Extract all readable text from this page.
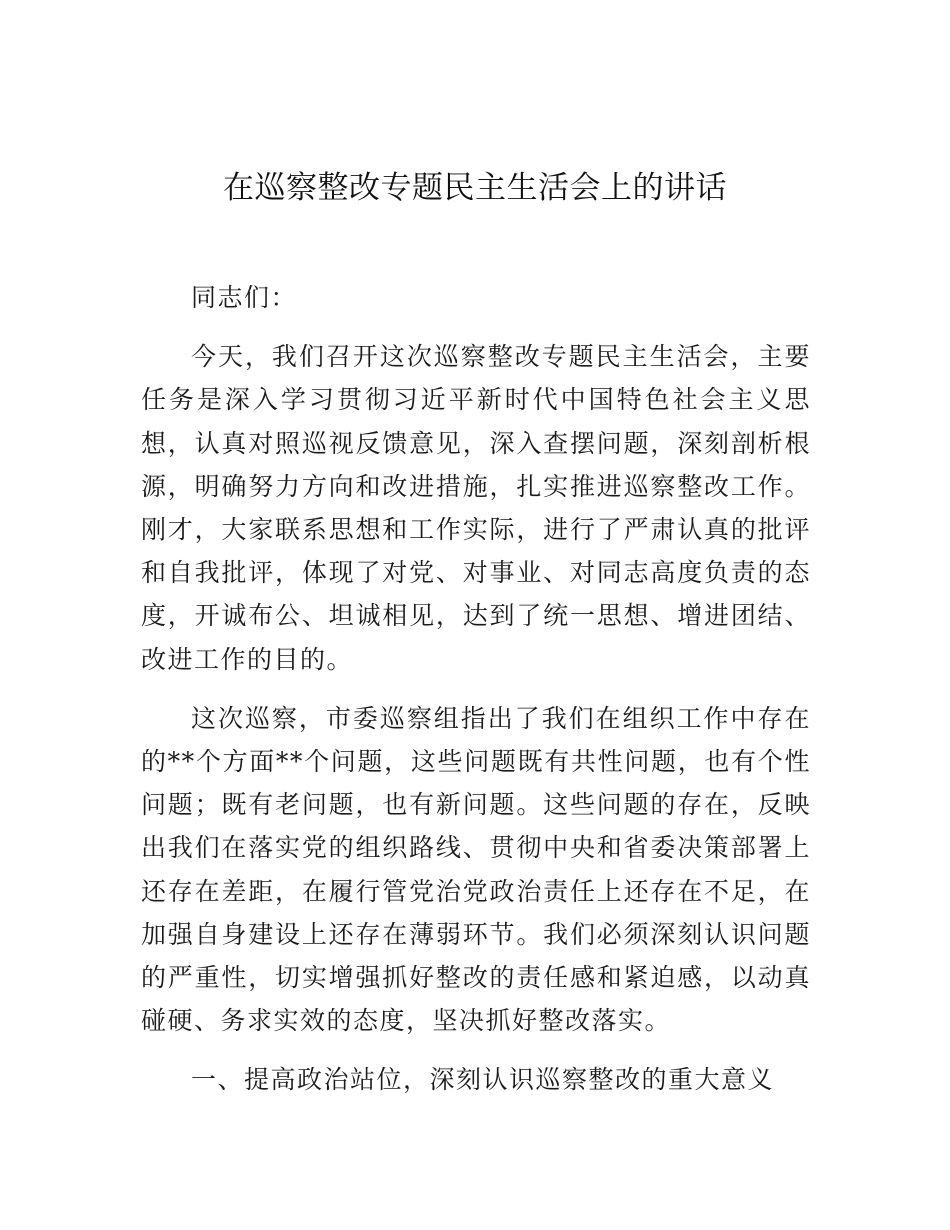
在巡察整改专题民主生活会上的讲话

同志们：

今天，我们召开这次巡察整改专题民主生活会，主要任务是深入学习贯彻习近平新时代中国特色社会主义思想，认真对照巡视反馈意见，深入查摆问题，深刻剖析根源，明确努力方向和改进措施，扎实推进巡察整改工作。刚才，大家联系思想和工作实际，进行了严肃认真的批评和自我批评，体现了对党、对事业、对同志高度负责的态度，开诚布公、坦诚相见，达到了统一思想、增进团结、改进工作的目的。

这次巡察，市委巡察组指出了我们在组织工作中存在的**个方面**个问题，这些问题既有共性问题，也有个性问题；既有老问题，也有新问题。这些问题的存在，反映出我们在落实党的组织路线、贯彻中央和省委决策部署上还存在差距，在履行管党治党政治责任上还存在不足，在加强自身建设上还存在薄弱环节。我们必须深刻认识问题的严重性，切实增强抓好整改的责任感和紧迫感，以动真碰硬、务求实效的态度，坚决抓好整改落实。

一、提高政治站位，深刻认识巡察整改的重大意义
